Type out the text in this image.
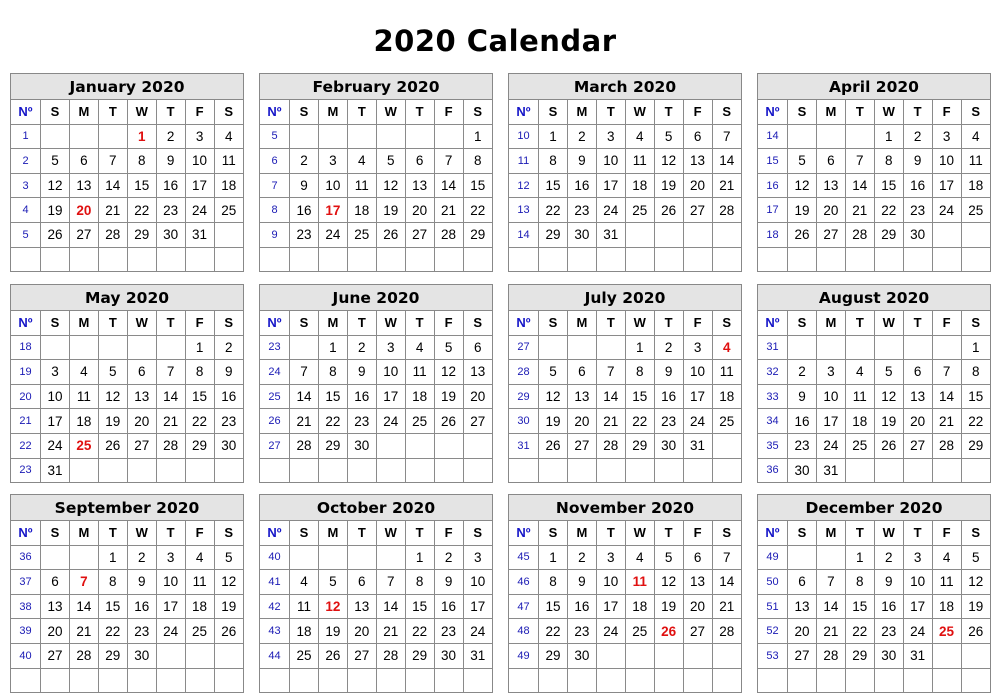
2020 Calendar
January 2020
Nº	S	M	T	W	T	F	S
1				1	2	3	4
2	5	6	7	8	9	10	11
3	12	13	14	15	16	17	18
4	19	20	21	22	23	24	25
5	26	27	28	29	30	31	

February 2020
Nº	S	M	T	W	T	F	S
5							1
6	2	3	4	5	6	7	8
7	9	10	11	12	13	14	15
8	16	17	18	19	20	21	22
9	23	24	25	26	27	28	29

March 2020
Nº	S	M	T	W	T	F	S
10	1	2	3	4	5	6	7
11	8	9	10	11	12	13	14
12	15	16	17	18	19	20	21
13	22	23	24	25	26	27	28
14	29	30	31				

April 2020
Nº	S	M	T	W	T	F	S
14				1	2	3	4
15	5	6	7	8	9	10	11
16	12	13	14	15	16	17	18
17	19	20	21	22	23	24	25
18	26	27	28	29	30		

May 2020
Nº	S	M	T	W	T	F	S
18						1	2
19	3	4	5	6	7	8	9
20	10	11	12	13	14	15	16
21	17	18	19	20	21	22	23
22	24	25	26	27	28	29	30
23	31						
June 2020
Nº	S	M	T	W	T	F	S
23		1	2	3	4	5	6
24	7	8	9	10	11	12	13
25	14	15	16	17	18	19	20
26	21	22	23	24	25	26	27
27	28	29	30				

July 2020
Nº	S	M	T	W	T	F	S
27				1	2	3	4
28	5	6	7	8	9	10	11
29	12	13	14	15	16	17	18
30	19	20	21	22	23	24	25
31	26	27	28	29	30	31	

August 2020
Nº	S	M	T	W	T	F	S
31							1
32	2	3	4	5	6	7	8
33	9	10	11	12	13	14	15
34	16	17	18	19	20	21	22
35	23	24	25	26	27	28	29
36	30	31					
September 2020
Nº	S	M	T	W	T	F	S
36			1	2	3	4	5
37	6	7	8	9	10	11	12
38	13	14	15	16	17	18	19
39	20	21	22	23	24	25	26
40	27	28	29	30			

October 2020
Nº	S	M	T	W	T	F	S
40					1	2	3
41	4	5	6	7	8	9	10
42	11	12	13	14	15	16	17
43	18	19	20	21	22	23	24
44	25	26	27	28	29	30	31

November 2020
Nº	S	M	T	W	T	F	S
45	1	2	3	4	5	6	7
46	8	9	10	11	12	13	14
47	15	16	17	18	19	20	21
48	22	23	24	25	26	27	28
49	29	30					

December 2020
Nº	S	M	T	W	T	F	S
49			1	2	3	4	5
50	6	7	8	9	10	11	12
51	13	14	15	16	17	18	19
52	20	21	22	23	24	25	26
53	27	28	29	30	31		
